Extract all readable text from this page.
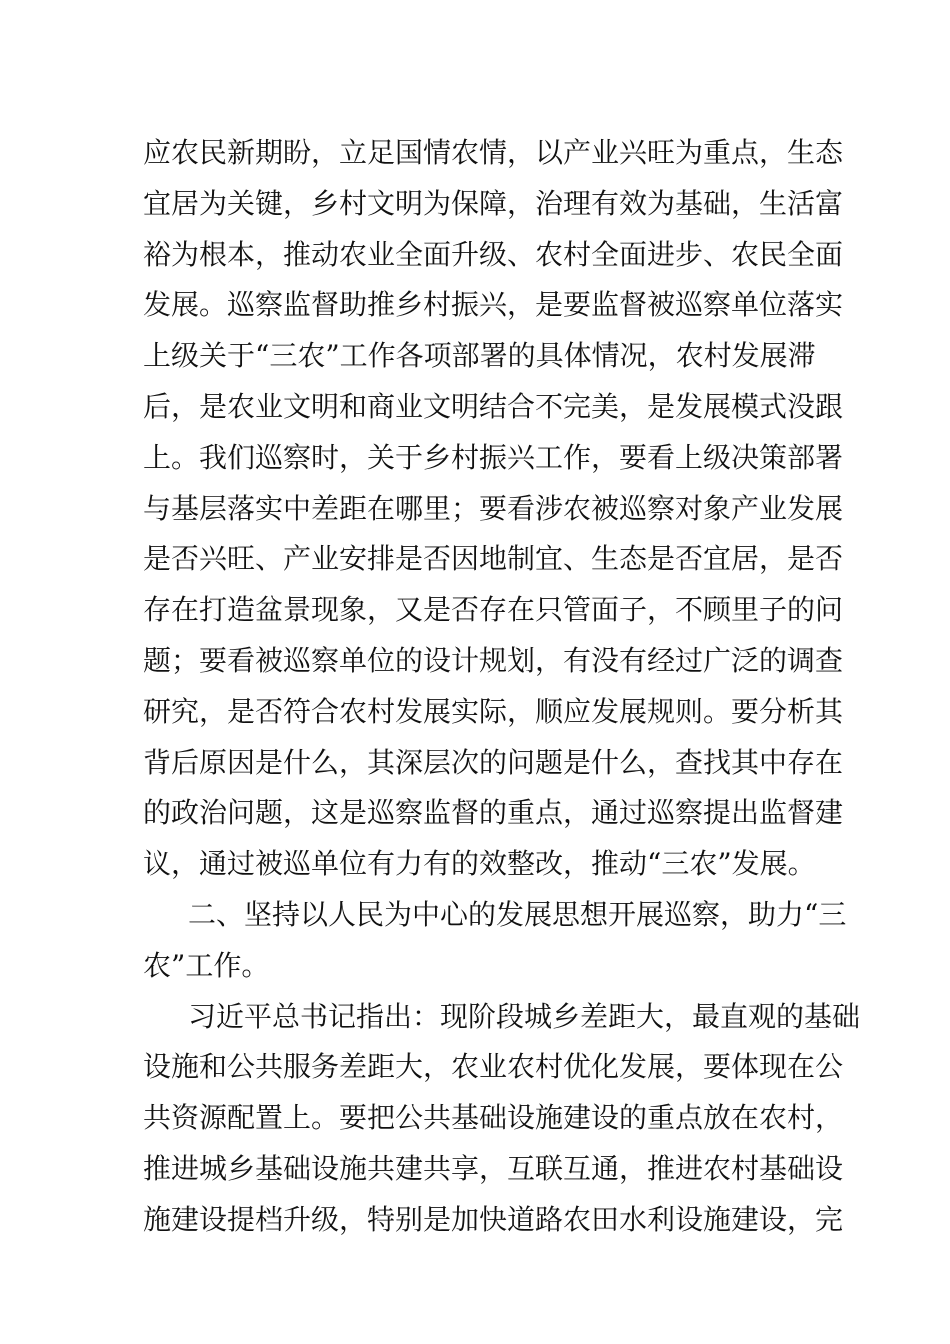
应农民新期盼，立足国情农情，以产业兴旺为重点，生态
宜居为关键，乡村文明为保障，治理有效为基础，生活富
裕为根本，推动农业全面升级、农村全面进步、农民全面
发展。巡察监督助推乡村振兴，是要监督被巡察单位落实
上级关于“三农”工作各项部署的具体情况，农村发展滞
后，是农业文明和商业文明结合不完美，是发展模式没跟
上。我们巡察时，关于乡村振兴工作，要看上级决策部署
与基层落实中差距在哪里；要看涉农被巡察对象产业发展
是否兴旺、产业安排是否因地制宜、生态是否宜居，是否
存在打造盆景现象，又是否存在只管面子，不顾里子的问
题；要看被巡察单位的设计规划，有没有经过广泛的调查
研究，是否符合农村发展实际，顺应发展规则。要分析其
背后原因是什么，其深层次的问题是什么，查找其中存在
的政治问题，这是巡察监督的重点，通过巡察提出监督建
议，通过被巡单位有力有的效整改，推动“三农”发展。
二、坚持以人民为中心的发展思想开展巡察，助力“三
农”工作。
习近平总书记指出：现阶段城乡差距大，最直观的基础
设施和公共服务差距大，农业农村优化发展，要体现在公
共资源配置上。要把公共基础设施建设的重点放在农村，
推进城乡基础设施共建共享，互联互通，推进农村基础设
施建设提档升级，特别是加快道路农田水利设施建设，完
